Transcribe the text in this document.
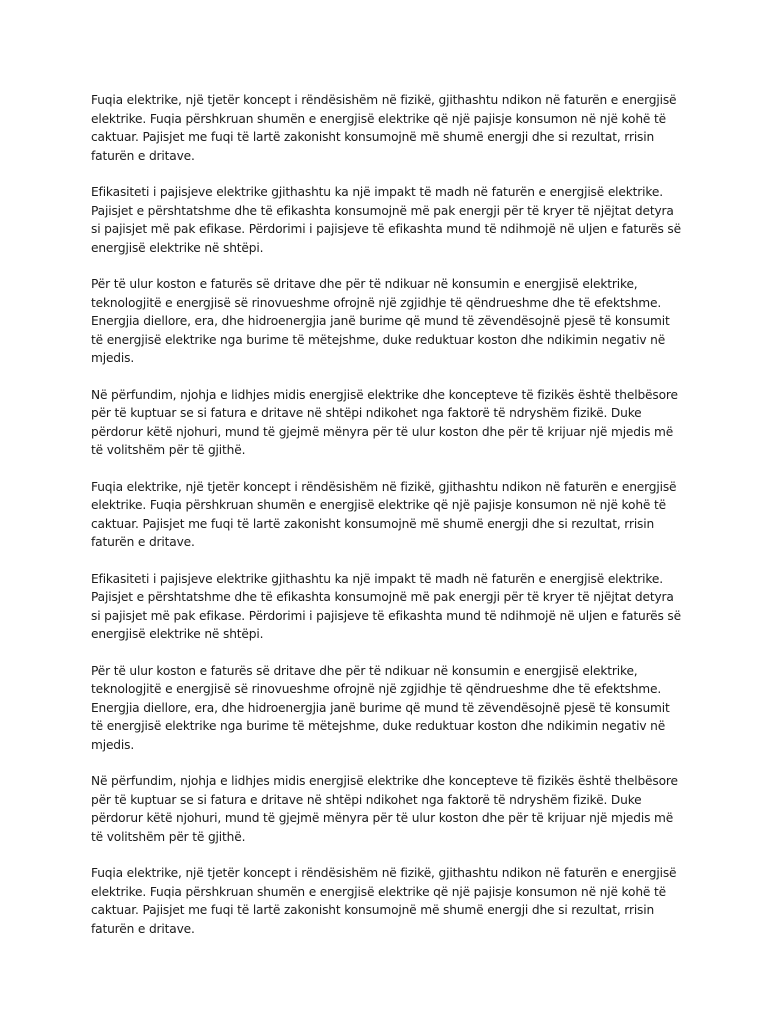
Fuqia elektrike, një tjetër koncept i rëndësishëm në fizikë, gjithashtu ndikon në faturën e energjisë elektrike. Fuqia përshkruan shumën e energjisë elektrike që një pajisje konsumon në një kohë të caktuar. Pajisjet me fuqi të lartë zakonisht konsumojnë më shumë energji dhe si rezultat, rrisin faturën e dritave.

Efikasiteti i pajisjeve elektrike gjithashtu ka një impakt të madh në faturën e energjisë elektrike. Pajisjet e përshtatshme dhe të efikashta konsumojnë më pak energji për të kryer të njëjtat detyra si pajisjet më pak efikase. Përdorimi i pajisjeve të efikashta mund të ndihmojë në uljen e faturës së energjisë elektrike në shtëpi.

Për të ulur koston e faturës së dritave dhe për të ndikuar në konsumin e energjisë elektrike, teknologjitë e energjisë së rinovueshme ofrojnë një zgjidhje të qëndrueshme dhe të efektshme. Energjia diellore, era, dhe hidroenergjia janë burime që mund të zëvendësojnë pjesë të konsumit të energjisë elektrike nga burime të mëtejshme, duke reduktuar koston dhe ndikimin negativ në mjedis.

Në përfundim, njohja e lidhjes midis energjisë elektrike dhe koncepteve të fizikës është thelbësore për të kuptuar se si fatura e dritave në shtëpi ndikohet nga faktorë të ndryshëm fizikë. Duke përdorur këtë njohuri, mund të gjejmë mënyra për të ulur koston dhe për të krijuar një mjedis më të volitshëm për të gjithë.

Fuqia elektrike, një tjetër koncept i rëndësishëm në fizikë, gjithashtu ndikon në faturën e energjisë elektrike. Fuqia përshkruan shumën e energjisë elektrike që një pajisje konsumon në një kohë të caktuar. Pajisjet me fuqi të lartë zakonisht konsumojnë më shumë energji dhe si rezultat, rrisin faturën e dritave.

Efikasiteti i pajisjeve elektrike gjithashtu ka një impakt të madh në faturën e energjisë elektrike. Pajisjet e përshtatshme dhe të efikashta konsumojnë më pak energji për të kryer të njëjtat detyra si pajisjet më pak efikase. Përdorimi i pajisjeve të efikashta mund të ndihmojë në uljen e faturës së energjisë elektrike në shtëpi.

Për të ulur koston e faturës së dritave dhe për të ndikuar në konsumin e energjisë elektrike, teknologjitë e energjisë së rinovueshme ofrojnë një zgjidhje të qëndrueshme dhe të efektshme. Energjia diellore, era, dhe hidroenergjia janë burime që mund të zëvendësojnë pjesë të konsumit të energjisë elektrike nga burime të mëtejshme, duke reduktuar koston dhe ndikimin negativ në mjedis.

Në përfundim, njohja e lidhjes midis energjisë elektrike dhe koncepteve të fizikës është thelbësore për të kuptuar se si fatura e dritave në shtëpi ndikohet nga faktorë të ndryshëm fizikë. Duke përdorur këtë njohuri, mund të gjejmë mënyra për të ulur koston dhe për të krijuar një mjedis më të volitshëm për të gjithë.

Fuqia elektrike, një tjetër koncept i rëndësishëm në fizikë, gjithashtu ndikon në faturën e energjisë elektrike. Fuqia përshkruan shumën e energjisë elektrike që një pajisje konsumon në një kohë të caktuar. Pajisjet me fuqi të lartë zakonisht konsumojnë më shumë energji dhe si rezultat, rrisin faturën e dritave.
